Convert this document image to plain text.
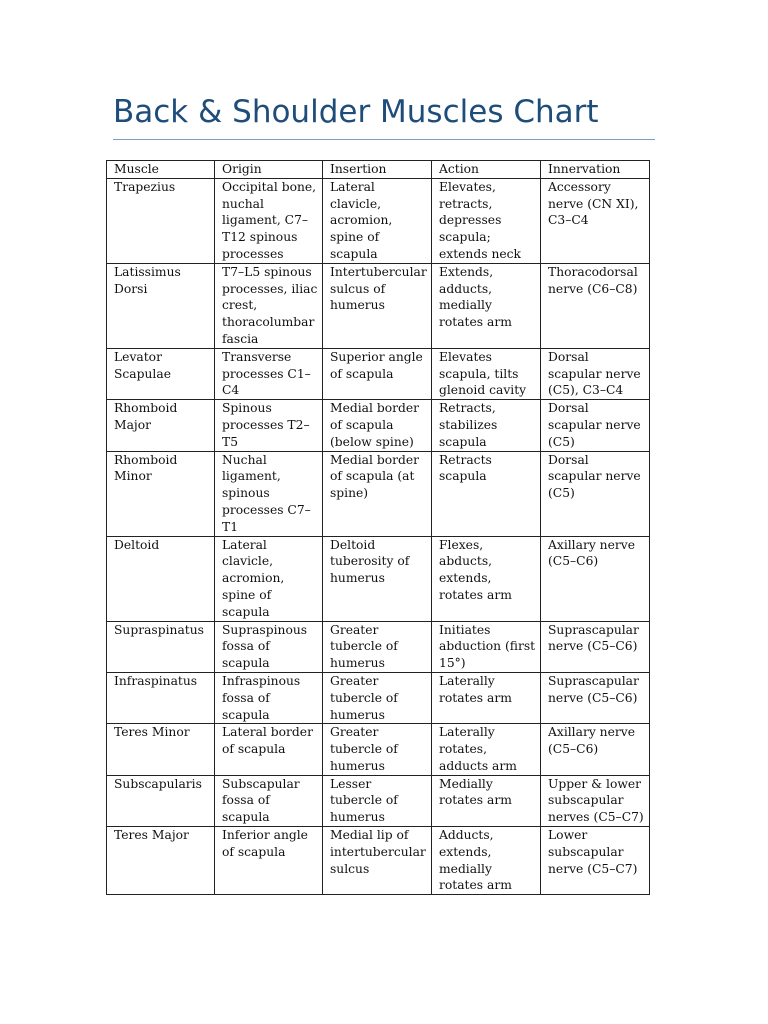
Back & Shoulder Muscles Chart
Muscle	Origin	Insertion	Action	Innervation
Trapezius	Occipital bone, nuchal ligament, C7–T12 spinous processes	Lateral clavicle, acromion, spine of scapula	Elevates, retracts, depresses scapula; extends neck	Accessory nerve (CN XI), C3–C4
Latissimus Dorsi	T7–L5 spinous processes, iliac crest, thoracolumbar fascia	Intertubercular sulcus of humerus	Extends, adducts, medially rotates arm	Thoracodorsal nerve (C6–C8)
Levator Scapulae	Transverse processes C1–C4	Superior angle of scapula	Elevates scapula, tilts glenoid cavity	Dorsal scapular nerve (C5), C3–C4
Rhomboid Major	Spinous processes T2–T5	Medial border of scapula (below spine)	Retracts, stabilizes scapula	Dorsal scapular nerve (C5)
Rhomboid Minor	Nuchal ligament, spinous processes C7–T1	Medial border of scapula (at spine)	Retracts scapula	Dorsal scapular nerve (C5)
Deltoid	Lateral clavicle, acromion, spine of scapula	Deltoid tuberosity of humerus	Flexes, abducts, extends, rotates arm	Axillary nerve (C5–C6)
Supraspinatus	Supraspinous fossa of scapula	Greater tubercle of humerus	Initiates abduction (first 15°)	Suprascapular nerve (C5–C6)
Infraspinatus	Infraspinous fossa of scapula	Greater tubercle of humerus	Laterally rotates arm	Suprascapular nerve (C5–C6)
Teres Minor	Lateral border of scapula	Greater tubercle of humerus	Laterally rotates, adducts arm	Axillary nerve (C5–C6)
Subscapularis	Subscapular fossa of scapula	Lesser tubercle of humerus	Medially rotates arm	Upper & lower subscapular nerves (C5–C7)
Teres Major	Inferior angle of scapula	Medial lip of intertubercular sulcus	Adducts, extends, medially rotates arm	Lower subscapular nerve (C5–C7)
